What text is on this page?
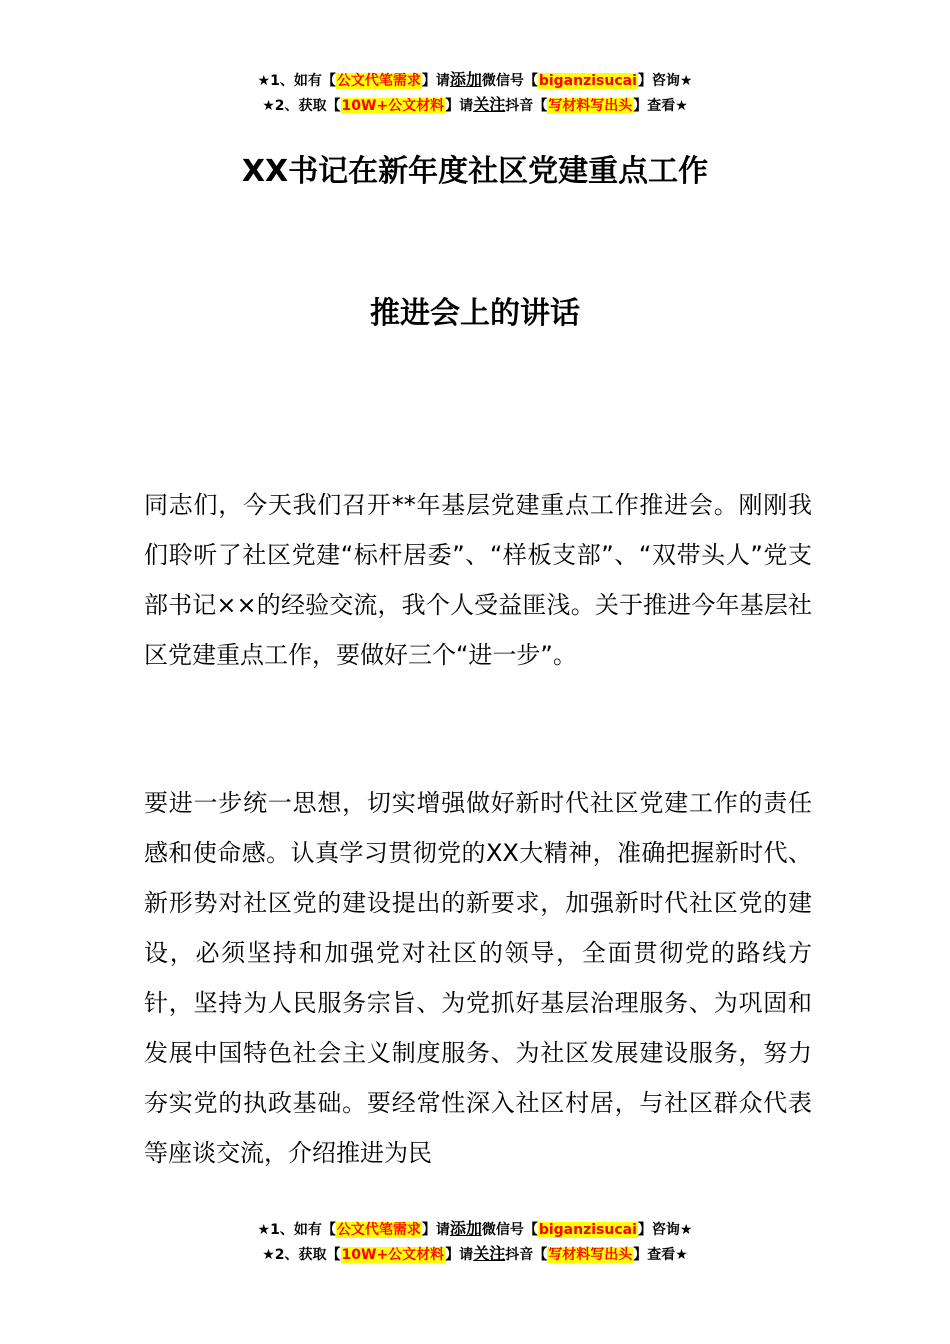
★1、如有【公文代笔需求】请添加微信号【biganzisucai】咨询★
★2、获取【10W+公文材料】请关注抖音【写材料写出头】查看★
XX书记在新年度社区党建重点工作
推进会上的讲话

同志们，今天我们召开**年基层党建重点工作推进会。刚刚我们聆听了社区党建“标杆居委”、“样板支部”、“双带头人”党支部书记××的经验交流，我个人受益匪浅。关于推进今年基层社区党建重点工作，要做好三个“进一步”。

要进一步统一思想，切实增强做好新时代社区党建工作的责任感和使命感。认真学习贯彻党的XX大精神，准确把握新时代、新形势对社区党的建设提出的新要求，加强新时代社区党的建设，必须坚持和加强党对社区的领导，全面贯彻党的路线方针，坚持为人民服务宗旨、为党抓好基层治理服务、为巩固和发展中国特色社会主义制度服务、为社区发展建设服务，努力夯实党的执政基础。要经常性深入社区村居，与社区群众代表等座谈交流，介绍推进为民

★1、如有【公文代笔需求】请添加微信号【biganzisucai】咨询★
★2、获取【10W+公文材料】请关注抖音【写材料写出头】查看★
